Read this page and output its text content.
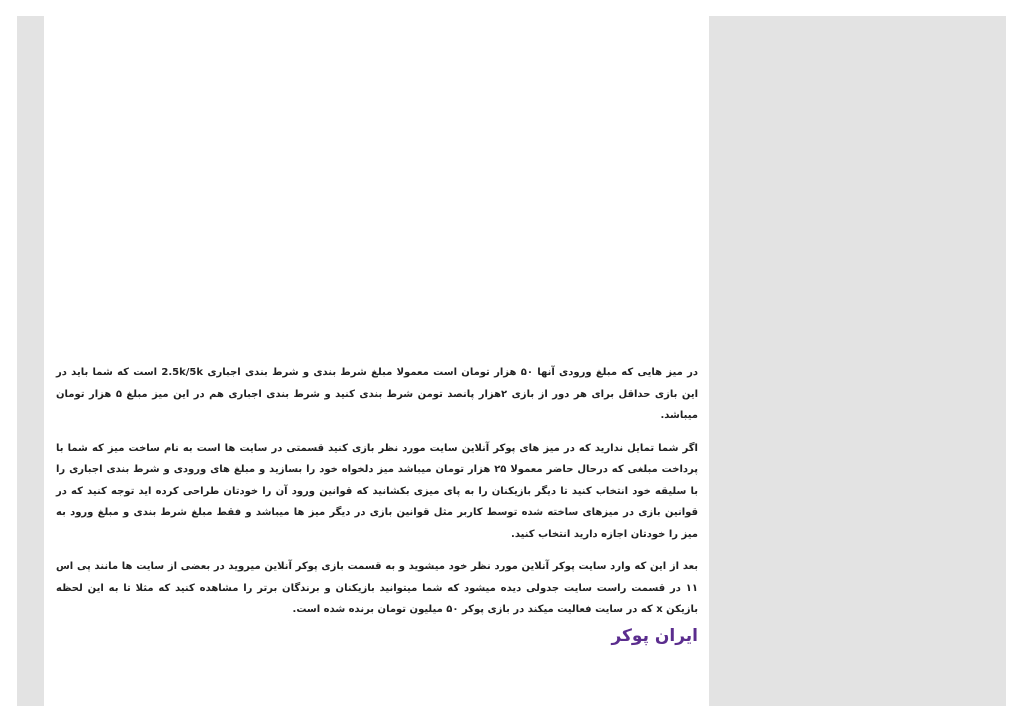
در میز هایی که مبلغ ورودی آنها ۵۰ هزار تومان است معمولا مبلغ شرط بندی و شرط بندی اجباری 2.5k/5k است که شما باید در این بازی حداقل برای هر دور از بازی ۲هزار پانصد تومن شرط بندی کنید و شرط بندی اجباری هم در این میز مبلغ ۵ هزار تومان میباشد.

اگر شما تمایل ندارید که در میز های پوکر آنلاین سایت مورد نظر بازی کنید قسمتی در سایت ها است به نام ساخت میز که شما با پرداخت مبلغی که درحال حاضر معمولا ۲۵ هزار تومان میباشد میز دلخواه خود را بسازید و مبلغ های ورودی و شرط بندی اجباری را با سلیقه خود انتخاب کنید تا دیگر بازیکنان را به پای میزی بکشانید که قوانین ورود آن را خودتان طراحی کرده اید توجه کنید که در قوانین بازی در میزهای ساخته شده توسط کاربر مثل قوانین بازی در دیگر میز ها میباشد و فقط مبلغ شرط بندی و مبلغ ورود به میز را خودتان اجازه دارید انتخاب کنید.

بعد از این که وارد سایت پوکر آنلاین مورد نظر خود میشوید و به قسمت بازی پوکر آنلاین میروید در بعضی از سایت ها مانند پی اس ۱۱ در قسمت راست سایت جدولی دیده میشود که شما میتوانید بازیکنان و برندگان برتر را مشاهده کنید که مثلا تا به این لحظه بازیکن x که در سایت فعالیت میکند در بازی پوکر ۵۰ میلیون تومان برنده شده است.

ایران پوکر
